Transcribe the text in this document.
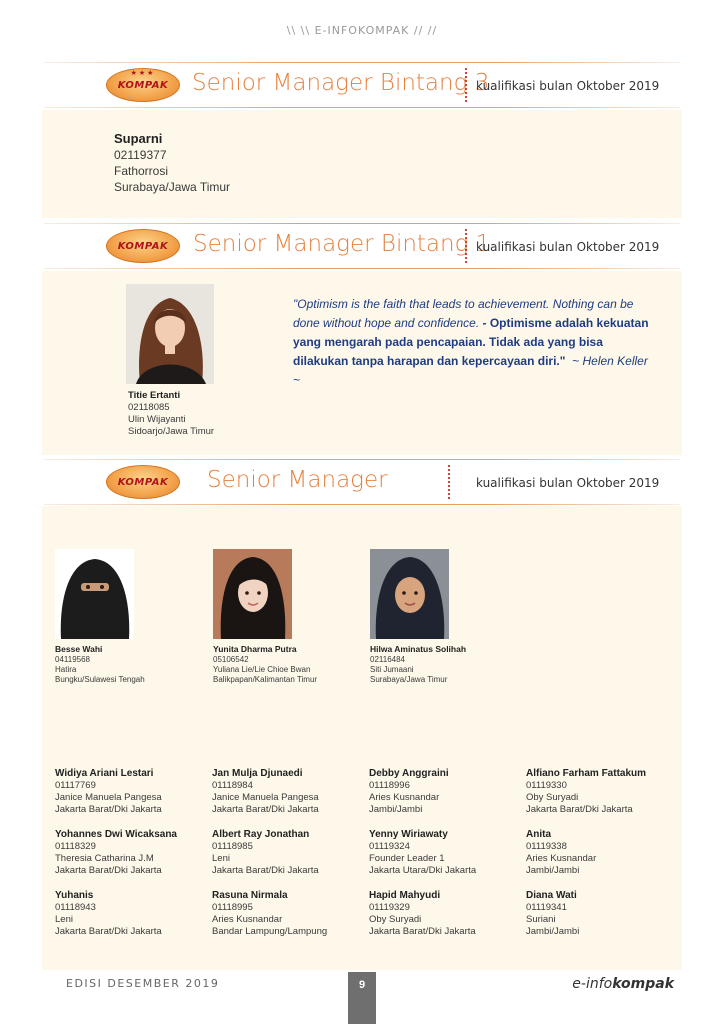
\\ \\ E-INFOKOMPAK // //
★★★
KOMPAK Senior Manager Bintang 3
kualifikasi bulan Oktober 2019
Suparni
02119377
Fathorrosi
Surabaya/Jawa Timur
KOMPAK Senior Manager Bintang 1
kualifikasi bulan Oktober 2019
Titie Ertanti
02118085
Ulin Wijayanti
Sidoarjo/Jawa Timur
"Optimism is the faith that leads to achievement. Nothing can be done without hope and confidence. - Optimisme adalah kekuatan yang mengarah pada pencapaian. Tidak ada yang bisa dilakukan tanpa harapan dan kepercayaan diri." ~ Helen Keller ~
KOMPAK Senior Manager	kualifikasi bulan Oktober 2019
Besse Wahi
04119568
Hatira
Bungku/Sulawesi Tengah
Yunita Dharma Putra
05106542
Yuliana Lie/Lie Chioe Bwan
Balikpapan/Kalimantan Timur
Hilwa Aminatus Solihah
02116484
Siti Jumaani
Surabaya/Jawa Timur
Widiya Ariani Lestari
01117769
Janice Manuela Pangesa
Jakarta Barat/Dki Jakarta
Jan Mulja Djunaedi
01118984
Janice Manuela Pangesa
Jakarta Barat/Dki Jakarta
Debby Anggraini
01118996
Aries Kusnandar
Jambi/Jambi
Alfiano Farham Fattakum
01119330
Oby Suryadi
Jakarta Barat/Dki Jakarta
Yohannes Dwi Wicaksana
01118329
Theresia Catharina J.M
Jakarta Barat/Dki Jakarta
Albert Ray Jonathan
01118985
Leni
Jakarta Barat/Dki Jakarta
Yenny Wiriawaty
01119324
Founder Leader 1
Jakarta Utara/Dki Jakarta
Anita
01119338
Aries Kusnandar
Jambi/Jambi
Yuhanis
01118943
Leni
Jakarta Barat/Dki Jakarta
Rasuna Nirmala
01118995
Aries Kusnandar
Bandar Lampung/Lampung
Hapid Mahyudi
01119329
Oby Suryadi
Jakarta Barat/Dki Jakarta
Diana Wati
01119341
Suriani
Jambi/Jambi
EDISI DESEMBER 2019	9	e-infokompak
